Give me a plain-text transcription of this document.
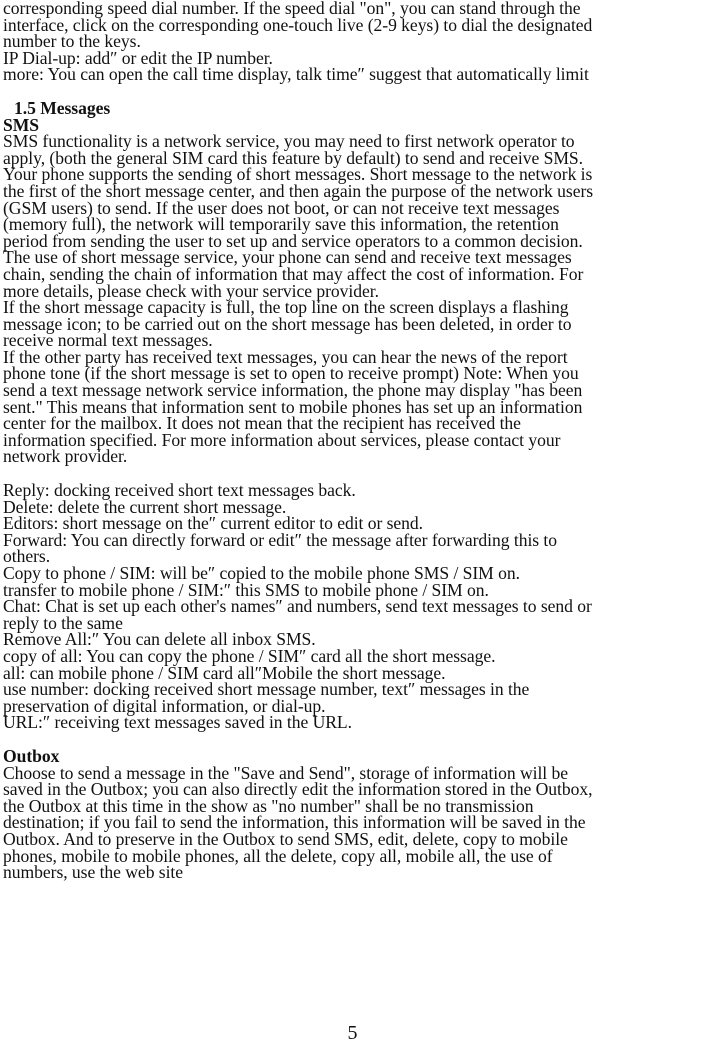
corresponding speed dial number. If the speed dial "on", you can stand through the
interface, click on the corresponding one-touch live (2-9 keys) to dial the designated
number to the keys.
IP Dial-up: add″ or edit the IP number.
more: You can open the call time display, talk time″ suggest that automatically limit
1.5 Messages
SMS
SMS functionality is a network service, you may need to first network operator to
apply, (both the general SIM card this feature by default) to send and receive SMS.
Your phone supports the sending of short messages. Short message to the network is
the first of the short message center, and then again the purpose of the network users
(GSM users) to send. If the user does not boot, or can not receive text messages
(memory full), the network will temporarily save this information, the retention
period from sending the user to set up and service operators to a common decision.
The use of short message service, your phone can send and receive text messages
chain, sending the chain of information that may affect the cost of information. For
more details, please check with your service provider.
If the short message capacity is full, the top line on the screen displays a flashing
message icon; to be carried out on the short message has been deleted, in order to
receive normal text messages.
If the other party has received text messages, you can hear the news of the report
phone tone (if the short message is set to open to receive prompt) Note: When you
send a text message network service information, the phone may display "has been
sent." This means that information sent to mobile phones has set up an information
center for the mailbox. It does not mean that the recipient has received the
information specified. For more information about services, please contact your
network provider.
Reply: docking received short text messages back.
Delete: delete the current short message.
Editors: short message on the″ current editor to edit or send.
Forward: You can directly forward or edit″ the message after forwarding this to
others.
Copy to phone / SIM: will be″ copied to the mobile phone SMS / SIM on.
transfer to mobile phone / SIM:″ this SMS to mobile phone / SIM on.
Chat: Chat is set up each other's names″ and numbers, send text messages to send or
reply to the same
Remove All:″ You can delete all inbox SMS.
copy of all: You can copy the phone / SIM″ card all the short message.
all: can mobile phone / SIM card all″Mobile the short message.
use number: docking received short message number, text″ messages in the
preservation of digital information, or dial-up.
URL:″ receiving text messages saved in the URL.
Outbox
Choose to send a message in the "Save and Send", storage of information will be
saved in the Outbox; you can also directly edit the information stored in the Outbox,
the Outbox at this time in the show as "no number" shall be no transmission
destination; if you fail to send the information, this information will be saved in the
Outbox. And to preserve in the Outbox to send SMS, edit, delete, copy to mobile
phones, mobile to mobile phones, all the delete, copy all, mobile all, the use of
numbers, use the web site
5
